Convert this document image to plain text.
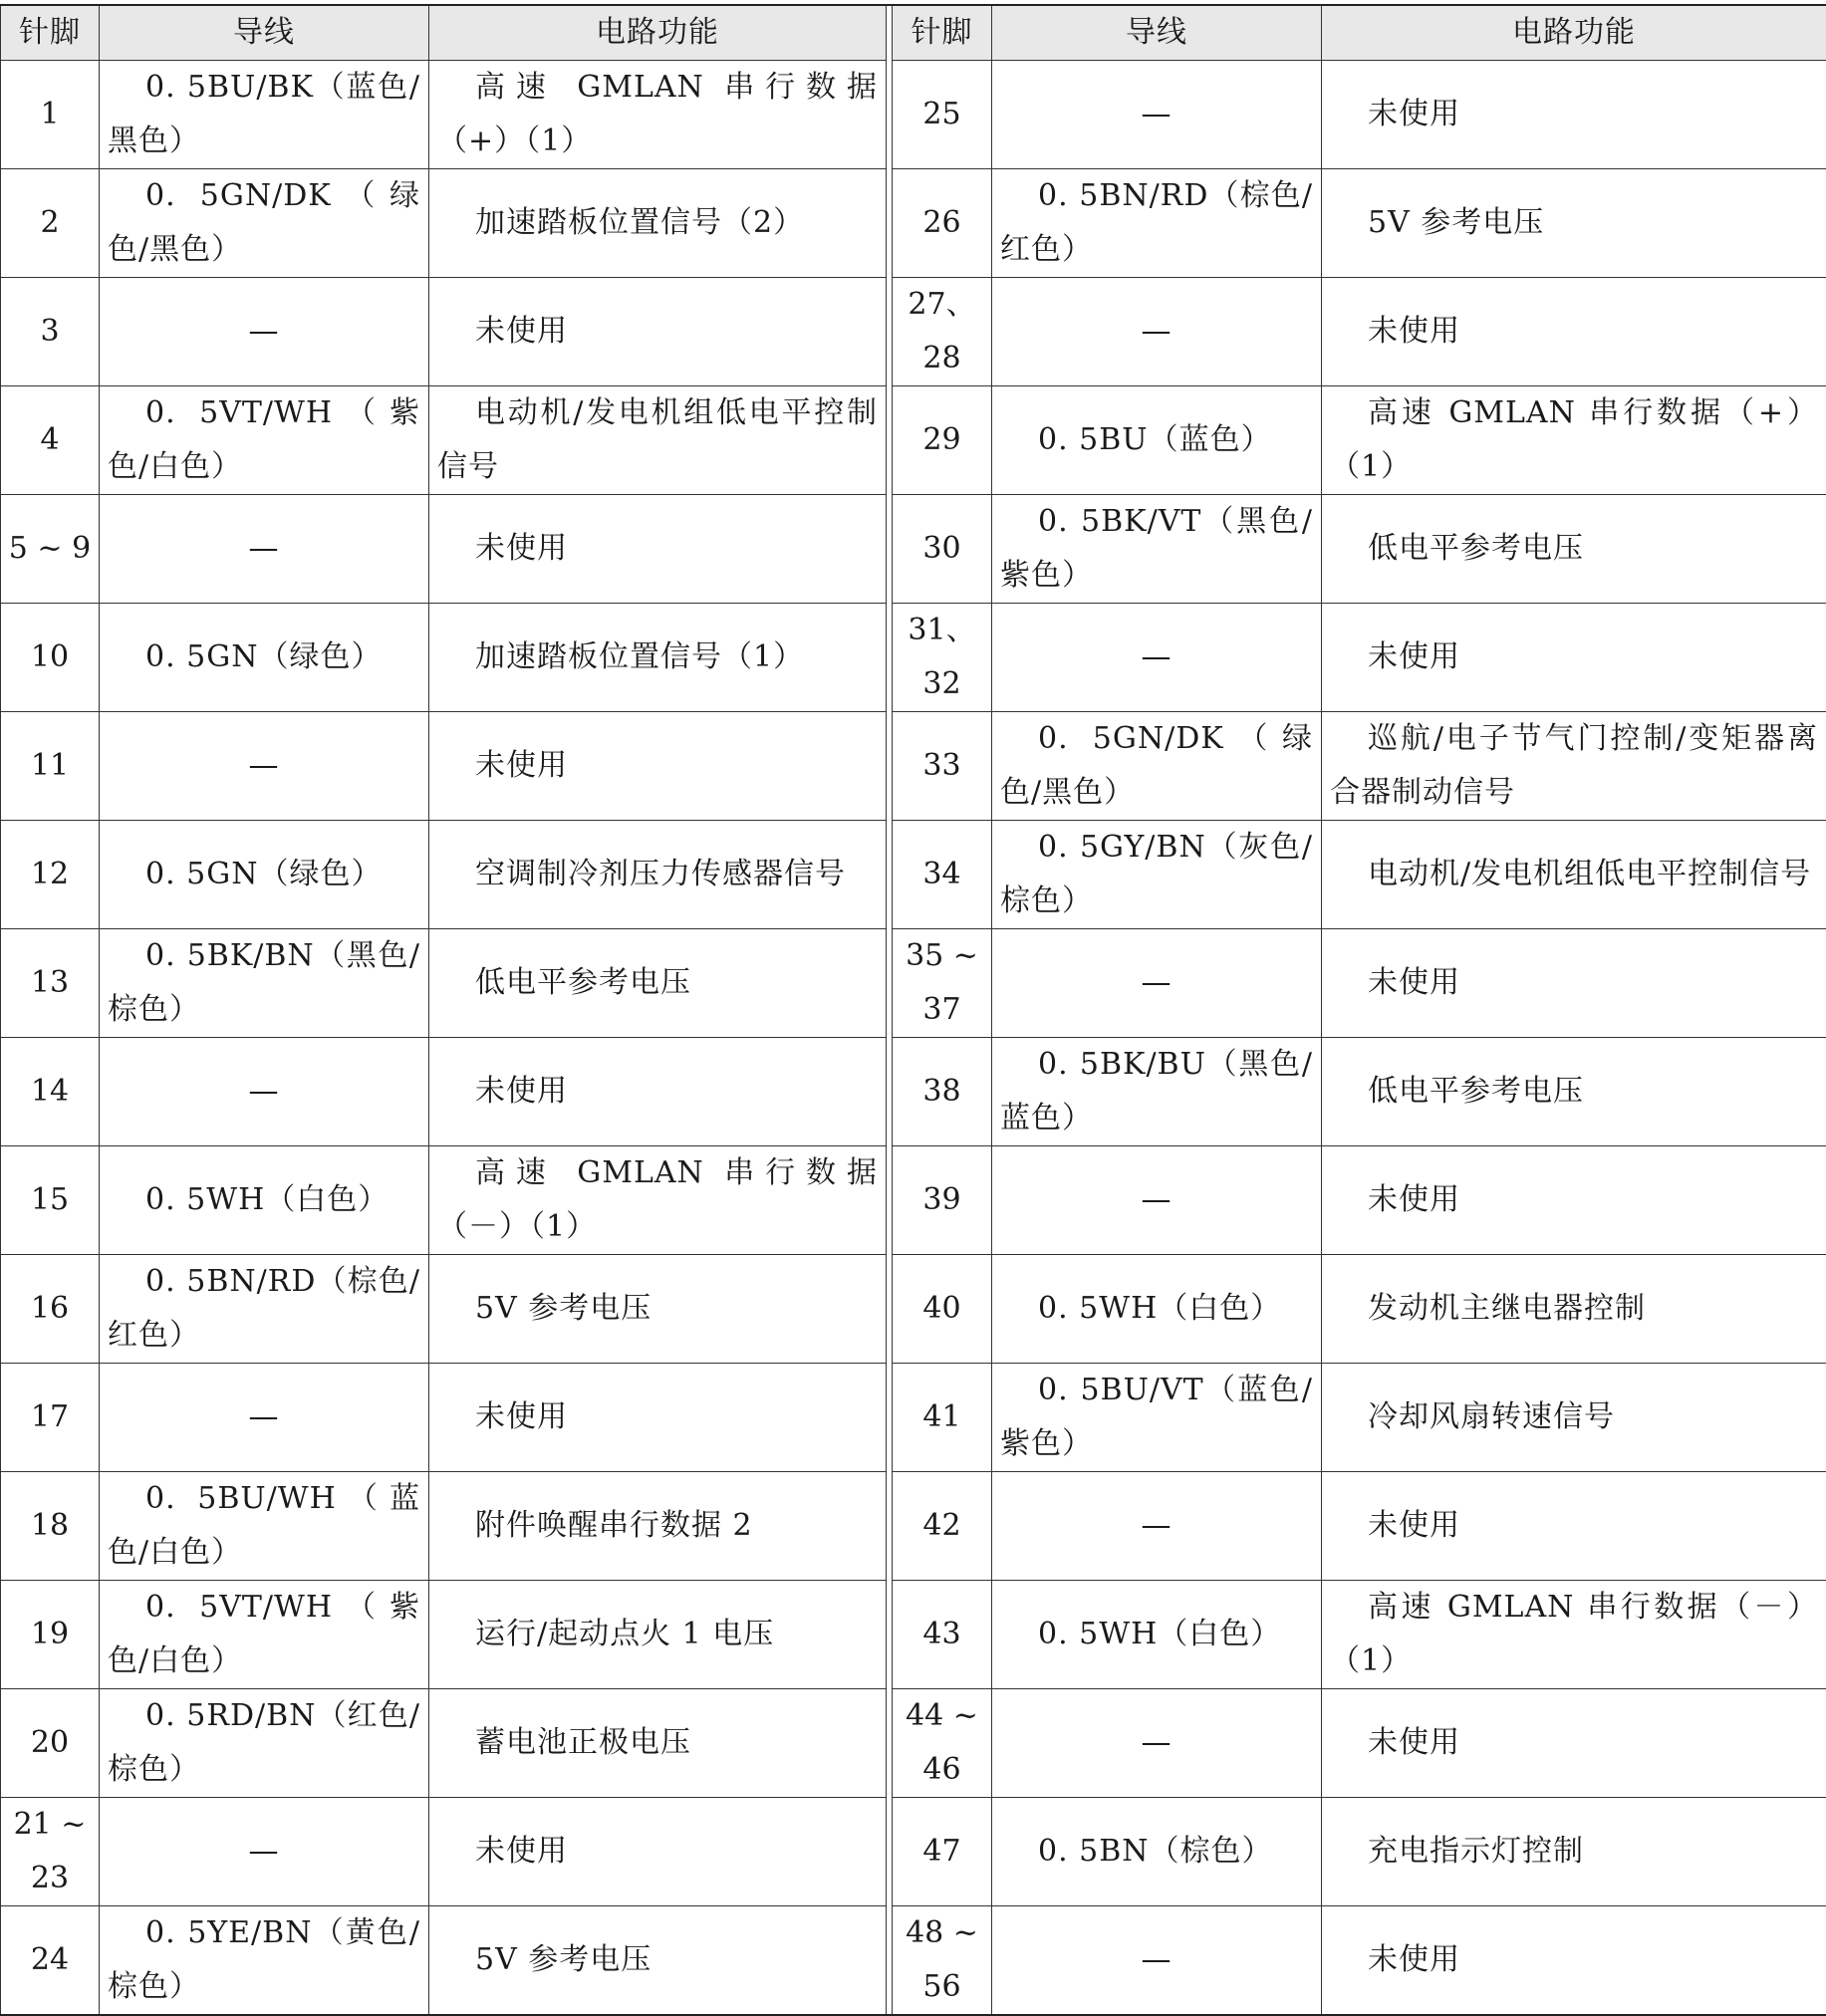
针脚	导线	电路功能		针脚	导线	电路功能
1	0. 5BU/BK（蓝色/黑色）	高速 GMLAN 串行数据（+）（1）		25	—	未使用
2	0. 5GN/DK（绿色/黑色）	加速踏板位置信号（2）		26	0. 5BN/RD（棕色/红色）	5V 参考电压
3	—	未使用		27、28	—	未使用
4	0. 5VT/WH（紫色/白色）	电动机/发电机组低电平控制信号		29	0. 5BU（蓝色）	高速 GMLAN 串行数据（+）（1）
5 ~ 9	—	未使用		30	0. 5BK/VT（黑色/紫色）	低电平参考电压
10	0. 5GN（绿色）	加速踏板位置信号（1）		31、32	—	未使用
11	—	未使用		33	0. 5GN/DK（绿色/黑色）	巡航/电子节气门控制/变矩器离合器制动信号
12	0. 5GN（绿色）	空调制冷剂压力传感器信号		34	0. 5GY/BN（灰色/棕色）	电动机/发电机组低电平控制信号
13	0. 5BK/BN（黑色/棕色）	低电平参考电压		35 ~ 37	—	未使用
14	—	未使用		38	0. 5BK/BU（黑色/蓝色）	低电平参考电压
15	0. 5WH（白色）	高速 GMLAN 串行数据（－）（1）		39	—	未使用
16	0. 5BN/RD（棕色/红色）	5V 参考电压		40	0. 5WH（白色）	发动机主继电器控制
17	—	未使用		41	0. 5BU/VT（蓝色/紫色）	冷却风扇转速信号
18	0. 5BU/WH（蓝色/白色）	附件唤醒串行数据 2		42	—	未使用
19	0. 5VT/WH（紫色/白色）	运行/起动点火 1 电压		43	0. 5WH（白色）	高速 GMLAN 串行数据（－）（1）
20	0. 5RD/BN（红色/棕色）	蓄电池正极电压		44 ~ 46	—	未使用
21 ~ 23	—	未使用		47	0. 5BN（棕色）	充电指示灯控制
24	0. 5YE/BN（黄色/棕色）	5V 参考电压		48 ~ 56	—	未使用
